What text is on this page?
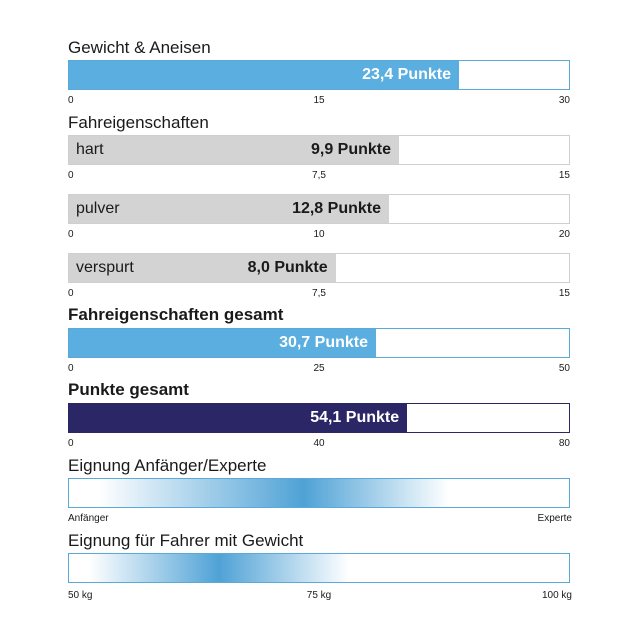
Gewicht & Aneisen
23,4 Punkte
0	15	30
Fahreigenschaften
9,9 Punkte
hart
0	7,5	15
12,8 Punkte
pulver
0	10	20
8,0 Punkte
verspurt
0	7,5	15
Fahreigenschaften gesamt
30,7 Punkte
0	25	50
Punkte gesamt
54,1 Punkte
0	40	80
Eignung Anfänger/Experte
Anfänger	Experte
Eignung für Fahrer mit Gewicht
50 kg	75 kg	100 kg
